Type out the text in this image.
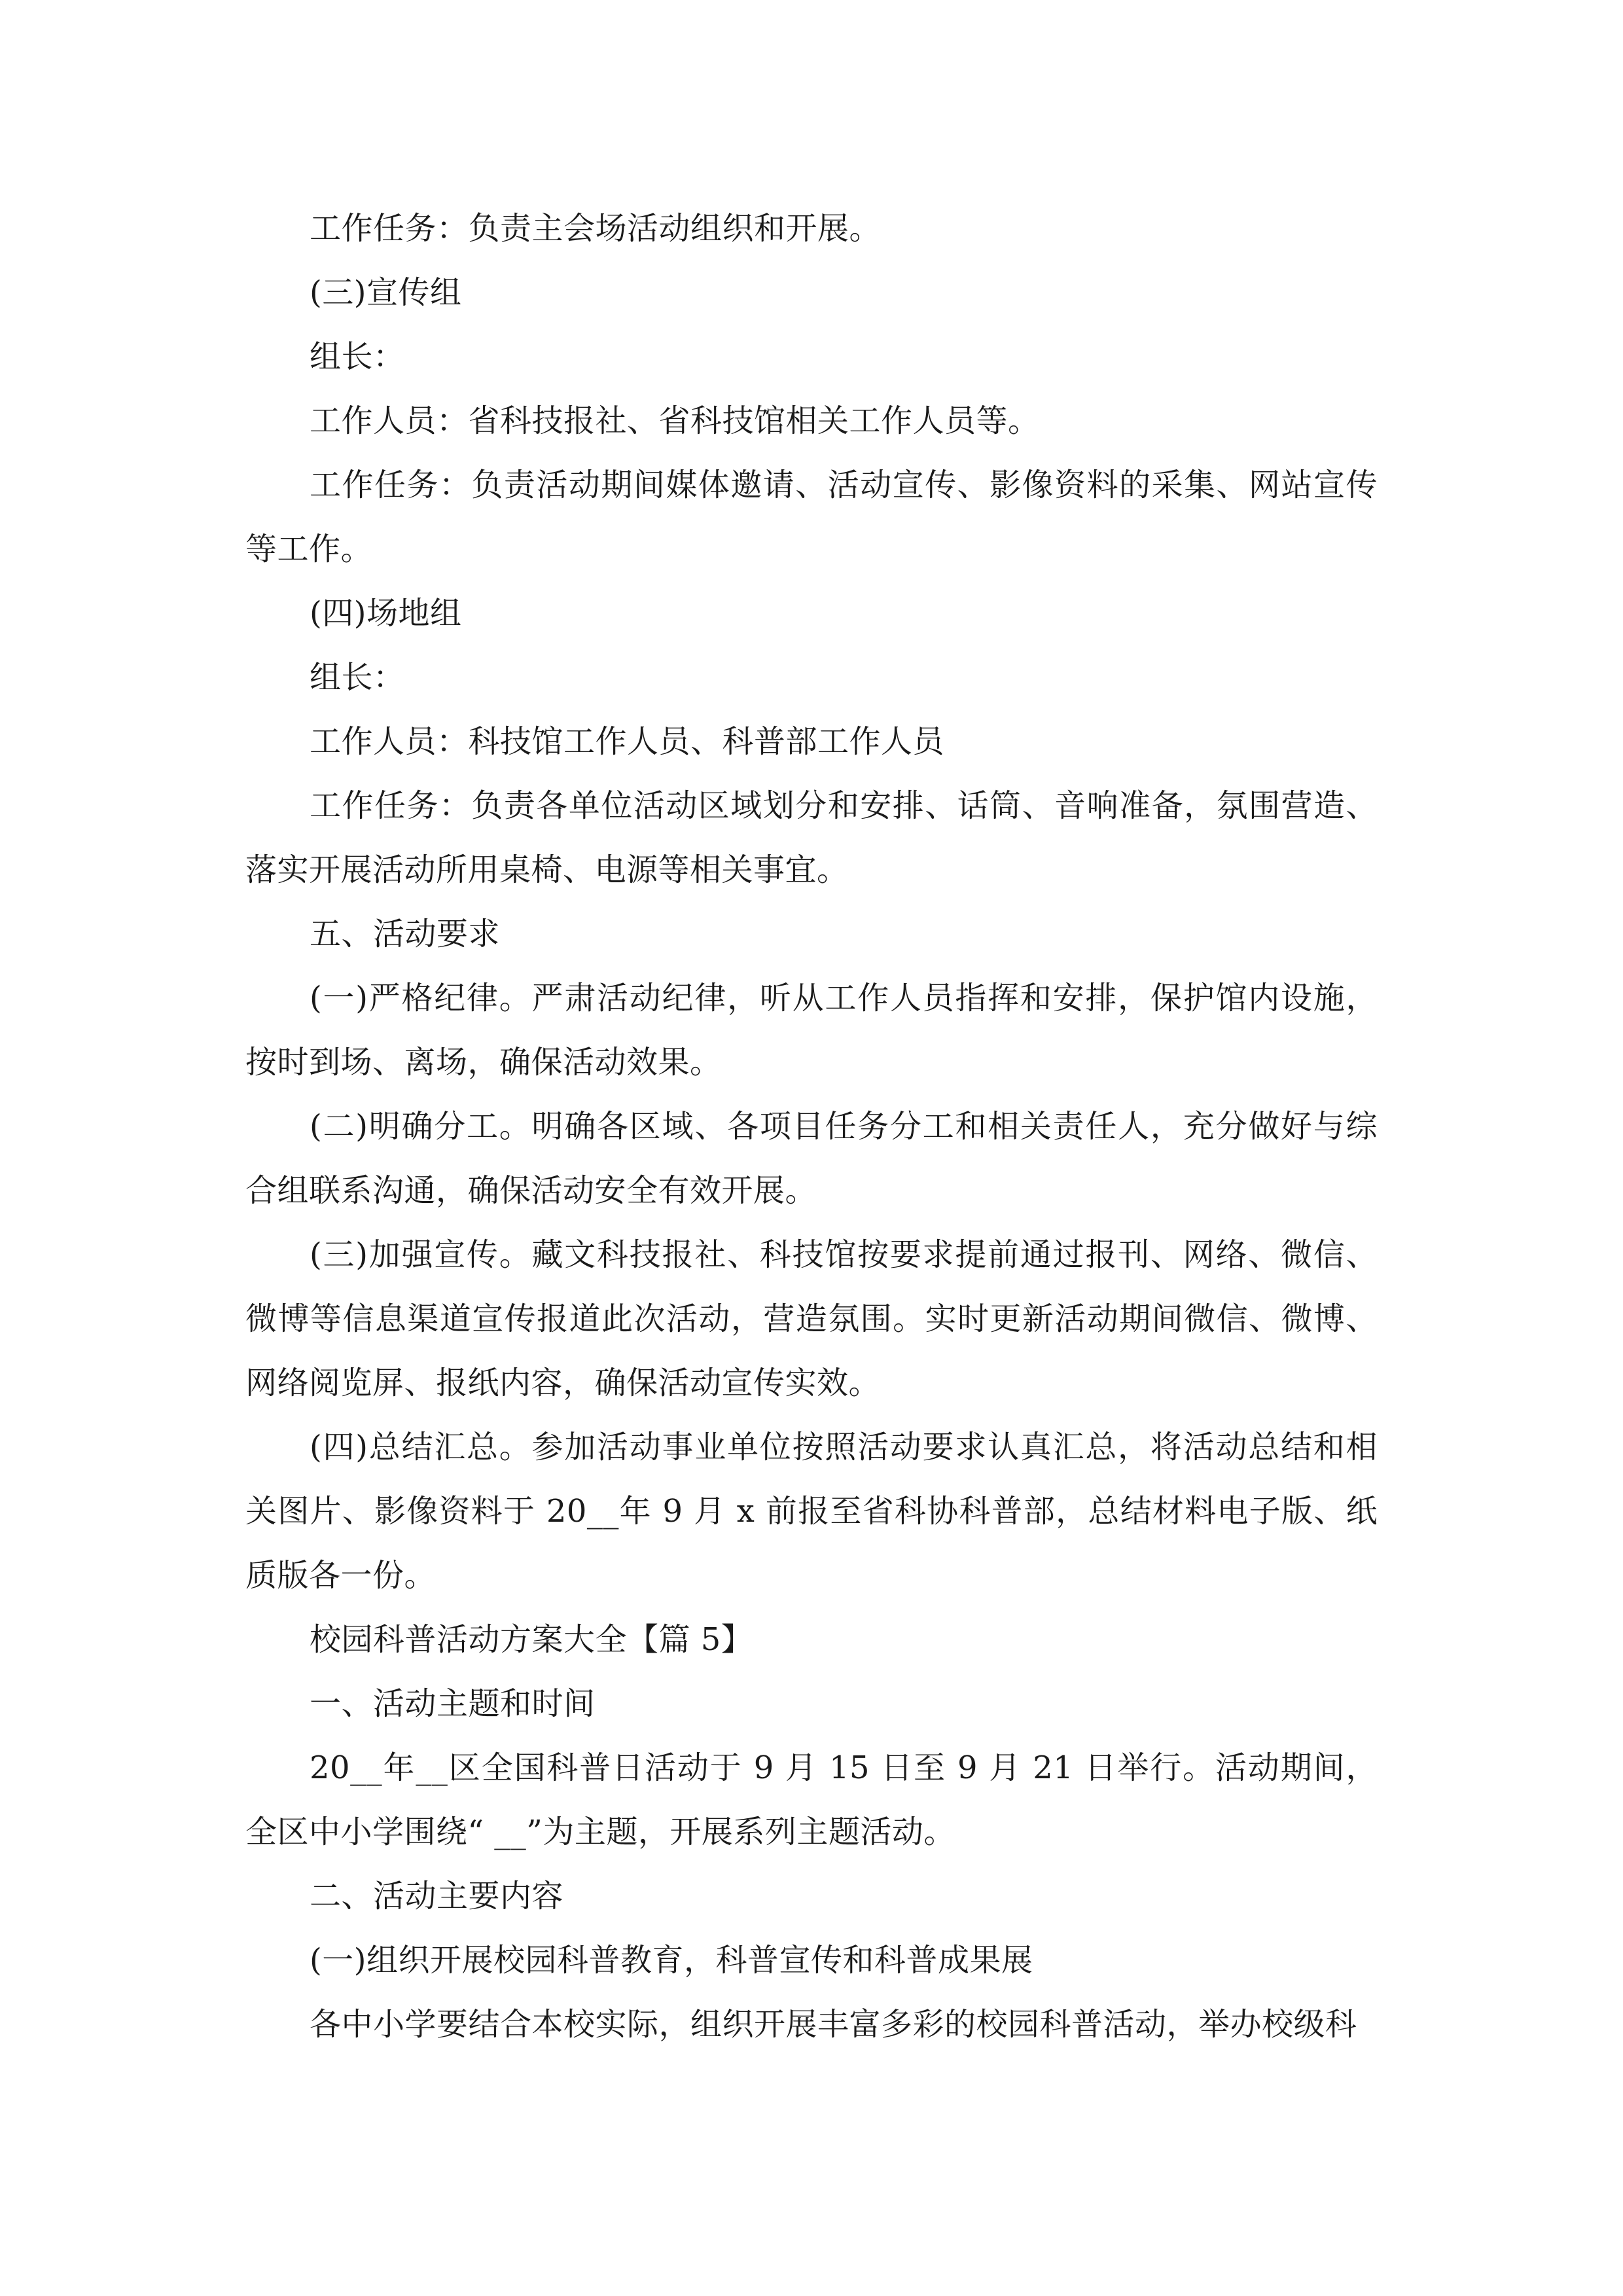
工作任务：负责主会场活动组织和开展。

(三)宣传组

组长：

工作人员：省科技报社、省科技馆相关工作人员等。

工作任务：负责活动期间媒体邀请、活动宣传、影像资料的采集、网站宣传等工作。

(四)场地组

组长：

工作人员：科技馆工作人员、科普部工作人员

工作任务：负责各单位活动区域划分和安排、话筒、音响准备，氛围营造、落实开展活动所用桌椅、电源等相关事宜。

五、活动要求

(一)严格纪律。严肃活动纪律，听从工作人员指挥和安排，保护馆内设施，按时到场、离场，确保活动效果。

(二)明确分工。明确各区域、各项目任务分工和相关责任人，充分做好与综合组联系沟通，确保活动安全有效开展。

(三)加强宣传。藏文科技报社、科技馆按要求提前通过报刊、网络、微信、微博等信息渠道宣传报道此次活动，营造氛围。实时更新活动期间微信、微博、网络阅览屏、报纸内容，确保活动宣传实效。

(四)总结汇总。参加活动事业单位按照活动要求认真汇总，将活动总结和相关图片、影像资料于 20__年 9 月 x 前报至省科协科普部，总结材料电子版、纸质版各一份。

校园科普活动方案大全【篇 5】

一、活动主题和时间

20__年__区全国科普日活动于 9 月 15 日至 9 月 21 日举行。活动期间，全区中小学围绕“ __”为主题，开展系列主题活动。

二、活动主要内容

(一)组织开展校园科普教育，科普宣传和科普成果展

各中小学要结合本校实际，组织开展丰富多彩的校园科普活动，举办校级科
